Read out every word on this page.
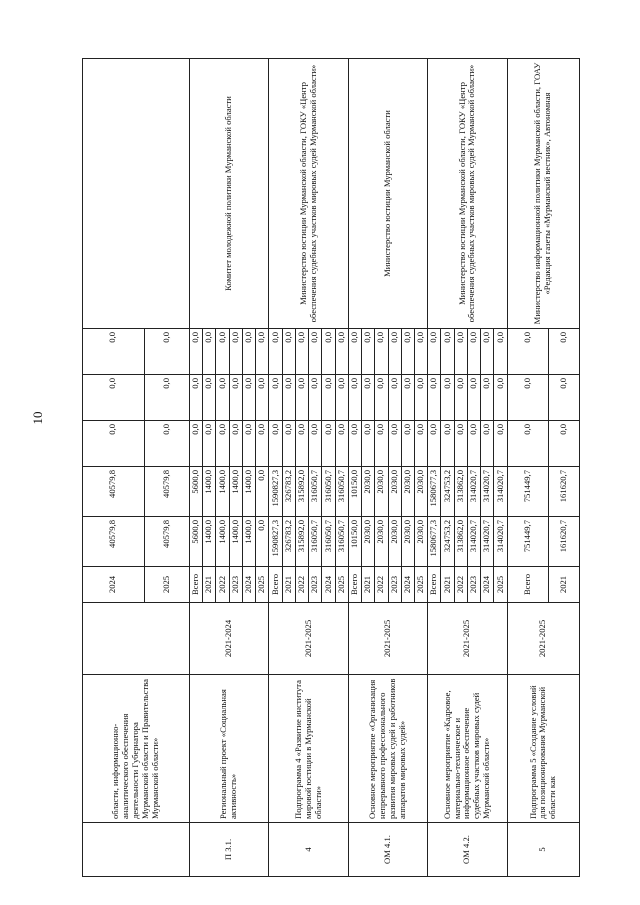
10
	области, информационно-аналитического обеспечения деятельности Губернатора Мурманской области и Правительства Мурманской области»		2024	40579,8	40579,8	0,0	0,0	0,0	
			2025	40579,8	40579,8	0,0	0,0	0,0	
П 3.1.	Региональный проект «Социальная активность»	2021-2024	Всего	5600,0	5600,0	0,0	0,0	0,0	Комитет молодежной политики Мурманской области
			2021	1400,0	1400,0	0,0	0,0	0,0	
			2022	1400,0	1400,0	0,0	0,0	0,0	
			2023	1400,0	1400,0	0,0	0,0	0,0	
			2024	1400,0	1400,0	0,0	0,0	0,0	
			2025	0,0	0,0	0,0	0,0	0,0	
4	Подпрограмма 4 «Развитие института мировой юстиции в Мурманской области»	2021-2025	Всего	1590827,3	1590827,3	0,0	0,0	0,0	Министерство юстиции Мурманской области, ГОКУ «Центр обеспечения судебных участков мировых судей Мурманской области»
			2021	326783,2	326783,2	0,0	0,0	0,0	
			2022	315892,0	315892,0	0,0	0,0	0,0	
			2023	316050,7	316050,7	0,0	0,0	0,0	
			2024	316050,7	316050,7	0,0	0,0	0,0	
			2025	316050,7	316050,7	0,0	0,0	0,0	
ОМ 4.1.	Основное мероприятие «Организация непрерывного профессионального развития мировых судей и работников аппаратов мировых судей»	2021-2025	Всего	10150,0	10150,0	0,0	0,0	0,0	Министерство юстиции Мурманской области
			2021	2030,0	2030,0	0,0	0,0	0,0	
			2022	2030,0	2030,0	0,0	0,0	0,0	
			2023	2030,0	2030,0	0,0	0,0	0,0	
			2024	2030,0	2030,0	0,0	0,0	0,0	
			2025	2030,0	2030,0	0,0	0,0	0,0	
ОМ 4.2.	Основное мероприятие «Кадровое, материально-техническое и информационное обеспечение судебных участков мировых судей Мурманской области»	2021-2025	Всего	1580677,3	1580677,3	0,0	0,0	0,0	Министерство юстиции Мурманской области, ГОКУ «Центр обеспечения судебных участков мировых судей Мурманской области»
			2021	324753,2	324753,2	0,0	0,0	0,0	
			2022	313862,0	313862,0	0,0	0,0	0,0	
			2023	314020,7	314020,7	0,0	0,0	0,0	
			2024	314020,7	314020,7	0,0	0,0	0,0	
			2025	314020,7	314020,7	0,0	0,0	0,0	
5	Подпрограмма 5 «Создание условий для позиционирования Мурманской области как	2021-2025	Всего	751449,7	751449,7	0,0	0,0	0,0	Министерство информационной политики Мурманской области, ГОАУ «Редакция газеты «Мурманский вестник», Автономная
			2021	161620,7	161620,7	0,0	0,0	0,0	
